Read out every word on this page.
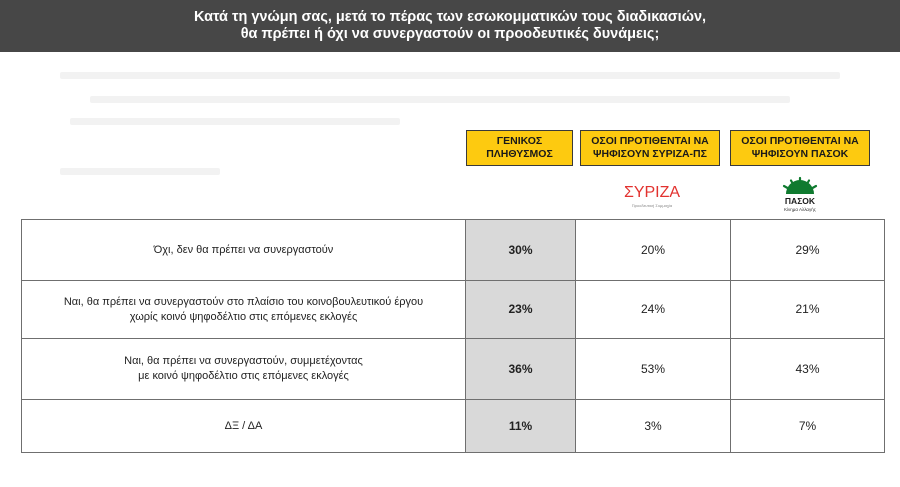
Κατά τη γνώμη σας, μετά το πέρας των εσωκομματικών τους διαδικασιών,
θα πρέπει ή όχι να συνεργαστούν οι προοδευτικές δυνάμεις;
ΓΕΝΙΚΟΣ
ΠΛΗΘΥΣΜΟΣ
ΟΣΟΙ ΠΡΟΤΙΘΕΝΤΑΙ ΝΑ
ΨΗΦΙΣΟΥΝ ΣΥΡΙΖΑ-ΠΣ
ΟΣΟΙ ΠΡΟΤΙΘΕΝΤΑΙ ΝΑ
ΨΗΦΙΣΟΥΝ ΠΑΣΟΚ
ΣΥΡΙΖΑ
Προοδευτική Συμμαχία	ΠΑΣΟΚ
Κίνημα Αλλαγής
Όχι, δεν θα πρέπει να συνεργαστούν	30%	20%	29%
Ναι, θα πρέπει να συνεργαστούν στο πλαίσιο του κοινοβουλευτικού έργου
χωρίς κοινό ψηφοδέλτιο στις επόμενες εκλογές	23%	24%	21%
Ναι, θα πρέπει να συνεργαστούν, συμμετέχοντας
με κοινό ψηφοδέλτιο στις επόμενες εκλογές	36%	53%	43%
ΔΞ / ΔΑ	11%	3%	7%
